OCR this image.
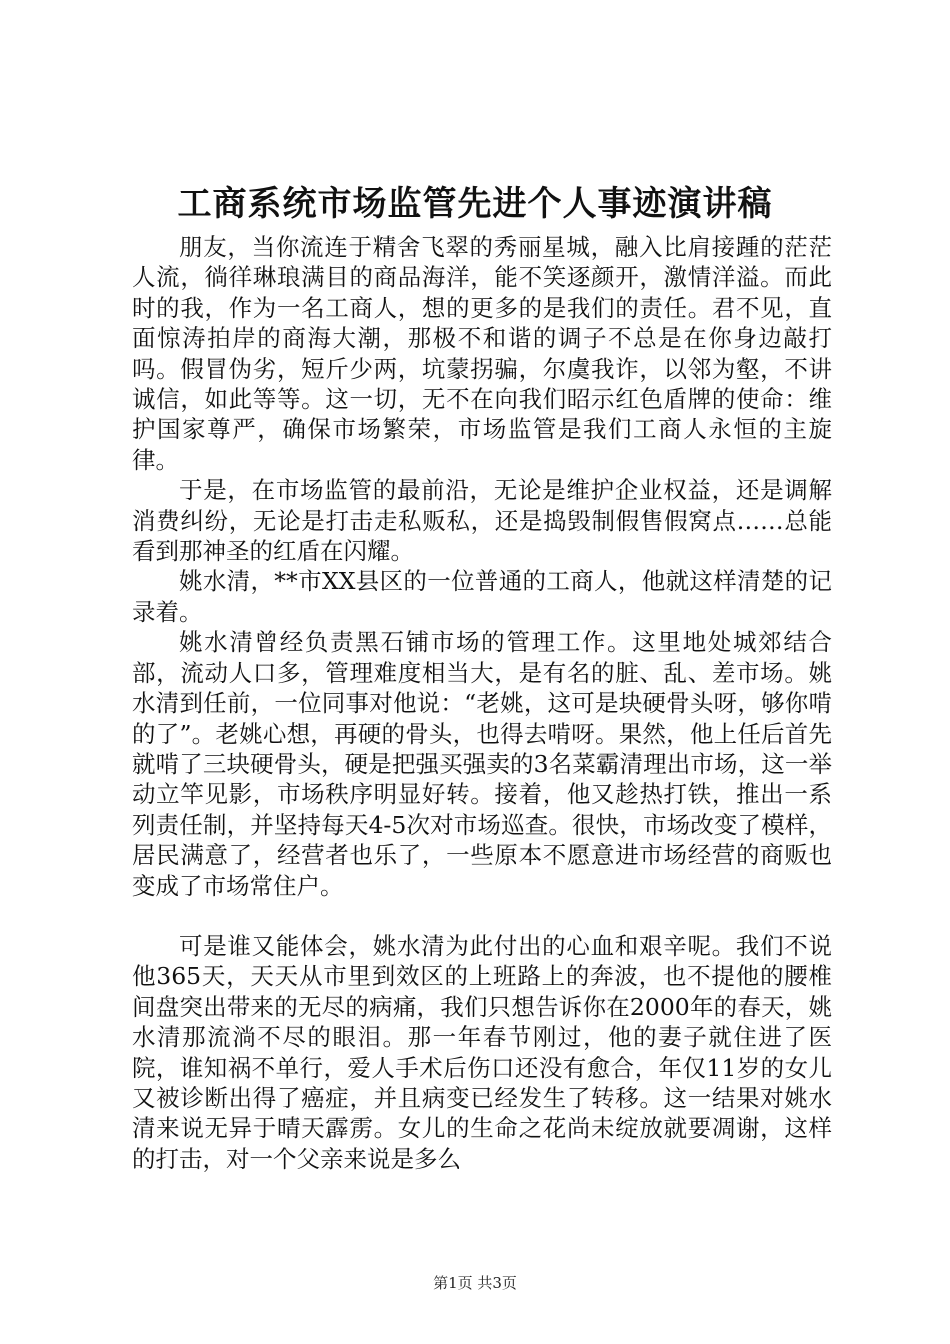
工商系统市场监管先进个人事迹演讲稿

朋友，当你流连于精舍飞翠的秀丽星城，融入比肩接踵的茫茫人流，徜徉琳琅满目的商品海洋，能不笑逐颜开，激情洋溢。而此时的我，作为一名工商人，想的更多的是我们的责任。君不见，直面惊涛拍岸的商海大潮，那极不和谐的调子不总是在你身边敲打吗。假冒伪劣，短斤少两，坑蒙拐骗，尔虞我诈，以邻为壑，不讲诚信，如此等等。这一切，无不在向我们昭示红色盾牌的使命：维护国家尊严，确保市场繁荣，市场监管是我们工商人永恒的主旋律。

于是，在市场监管的最前沿，无论是维护企业权益，还是调解消费纠纷，无论是打击走私贩私，还是捣毁制假售假窝点……总能看到那神圣的红盾在闪耀。

姚水清，**市XX县区的一位普通的工商人，他就这样清楚的记录着。

姚水清曾经负责黑石铺市场的管理工作。这里地处城郊结合部，流动人口多，管理难度相当大，是有名的脏、乱、差市场。姚水清到任前，一位同事对他说：“老姚，这可是块硬骨头呀，够你啃的了”。老姚心想，再硬的骨头，也得去啃呀。果然，他上任后首先就啃了三块硬骨头，硬是把强买强卖的3名菜霸清理出市场，这一举动立竿见影，市场秩序明显好转。接着，他又趁热打铁，推出一系列责任制，并坚持每天4-5次对市场巡查。很快，市场改变了模样，居民满意了，经营者也乐了，一些原本不愿意进市场经营的商贩也变成了市场常住户。

可是谁又能体会，姚水清为此付出的心血和艰辛呢。我们不说他365天，天天从市里到效区的上班路上的奔波，也不提他的腰椎间盘突出带来的无尽的病痛，我们只想告诉你在2000年的春天，姚水清那流淌不尽的眼泪。那一年春节刚过，他的妻子就住进了医院，谁知祸不单行，爱人手术后伤口还没有愈合，年仅11岁的女儿又被诊断出得了癌症，并且病变已经发生了转移。这一结果对姚水清来说无异于晴天霹雳。女儿的生命之花尚未绽放就要凋谢，这样的打击，对一个父亲来说是多么

第1页 共3页
